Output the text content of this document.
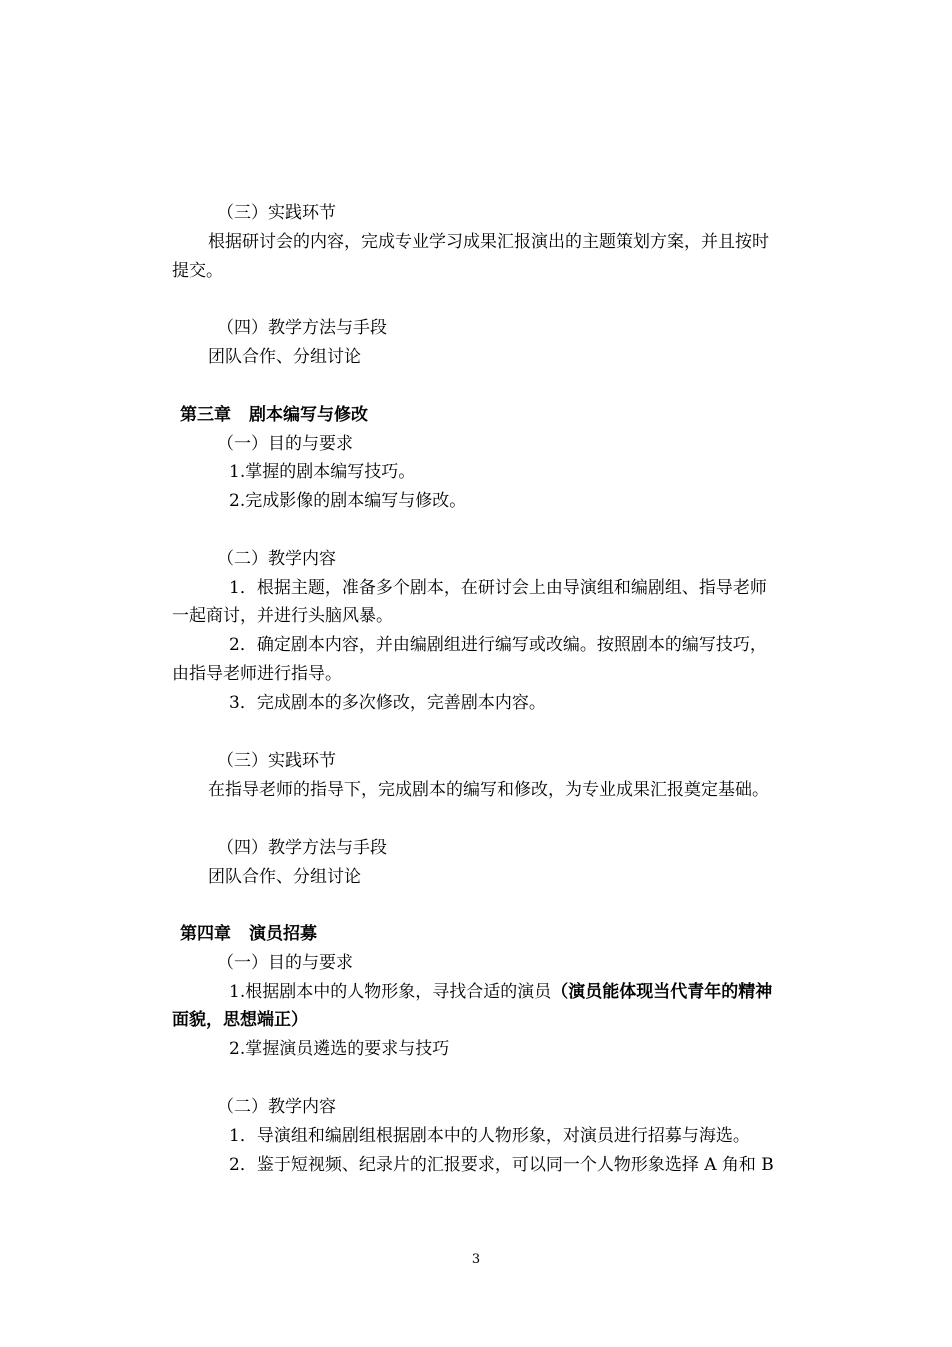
（三）实践环节
根据研讨会的内容，完成专业学习成果汇报演出的主题策划方案，并且按时
提交。
（四）教学方法与手段
团队合作、分组讨论
第三章 剧本编写与修改
（一）目的与要求
1.掌握的剧本编写技巧。
2.完成影像的剧本编写与修改。
（二）教学内容
1．根据主题，准备多个剧本，在研讨会上由导演组和编剧组、指导老师
一起商讨，并进行头脑风暴。
2．确定剧本内容，并由编剧组进行编写或改编。按照剧本的编写技巧，
由指导老师进行指导。
3．完成剧本的多次修改，完善剧本内容。
（三）实践环节
在指导老师的指导下，完成剧本的编写和修改，为专业成果汇报奠定基础。
（四）教学方法与手段
团队合作、分组讨论
第四章 演员招募
（一）目的与要求
1.根据剧本中的人物形象，寻找合适的演员（演员能体现当代青年的精神
面貌，思想端正）
2.掌握演员遴选的要求与技巧
（二）教学内容
1．导演组和编剧组根据剧本中的人物形象，对演员进行招募与海选。
2．鉴于短视频、纪录片的汇报要求，可以同一个人物形象选择 A 角和 B
3
